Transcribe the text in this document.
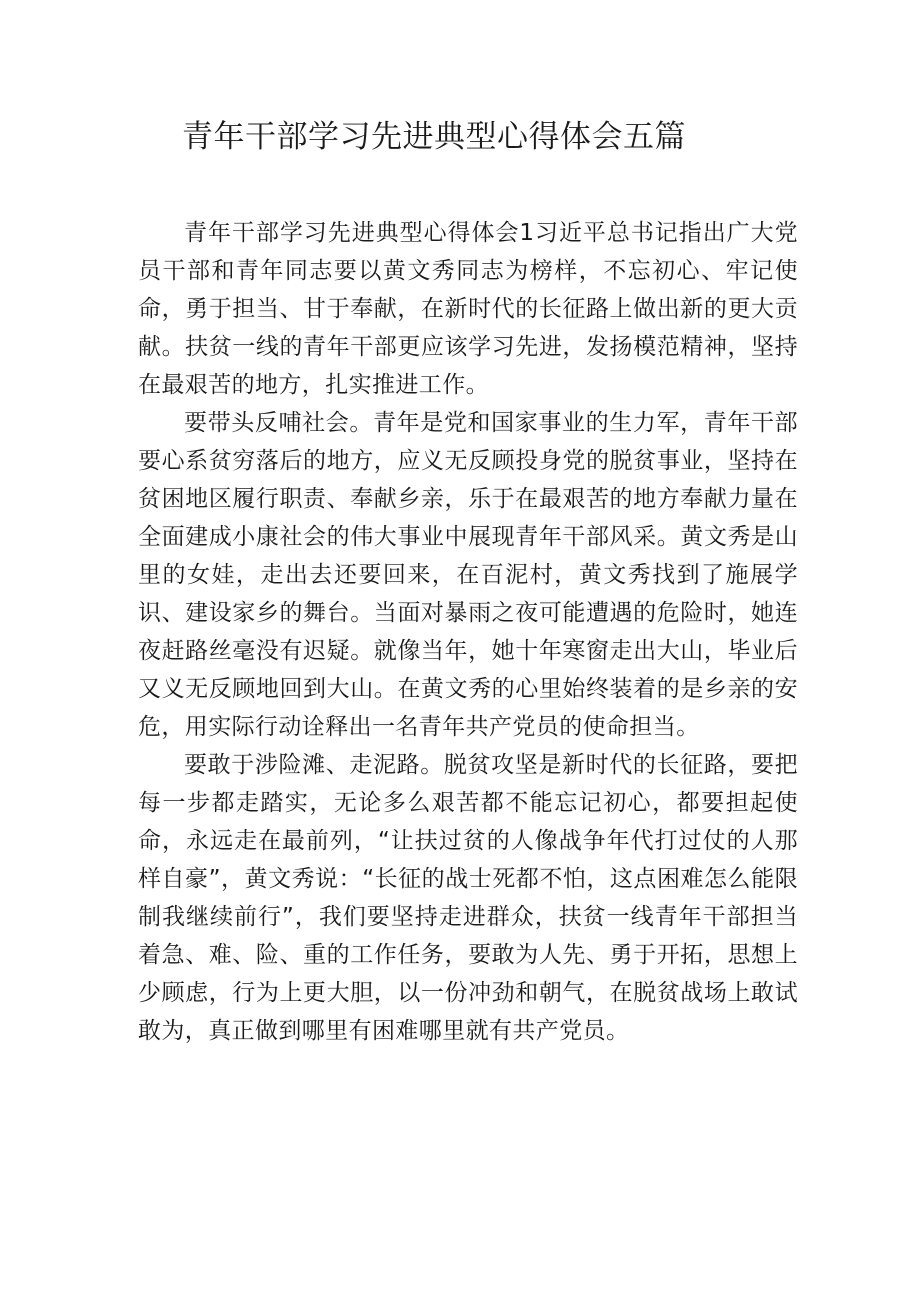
青年干部学习先进典型心得体会五篇

青年干部学习先进典型心得体会1习近平总书记指出广大党员干部和青年同志要以黄文秀同志为榜样，不忘初心、牢记使命，勇于担当、甘于奉献，在新时代的长征路上做出新的更大贡献。扶贫一线的青年干部更应该学习先进，发扬模范精神，坚持在最艰苦的地方，扎实推进工作。

要带头反哺社会。青年是党和国家事业的生力军，青年干部要心系贫穷落后的地方，应义无反顾投身党的脱贫事业，坚持在贫困地区履行职责、奉献乡亲，乐于在最艰苦的地方奉献力量在全面建成小康社会的伟大事业中展现青年干部风采。黄文秀是山里的女娃，走出去还要回来，在百泥村，黄文秀找到了施展学识、建设家乡的舞台。当面对暴雨之夜可能遭遇的危险时，她连夜赶路丝毫没有迟疑。就像当年，她十年寒窗走出大山，毕业后又义无反顾地回到大山。在黄文秀的心里始终装着的是乡亲的安危，用实际行动诠释出一名青年共产党员的使命担当。

要敢于涉险滩、走泥路。脱贫攻坚是新时代的长征路，要把每一步都走踏实，无论多么艰苦都不能忘记初心，都要担起使命，永远走在最前列，“让扶过贫的人像战争年代打过仗的人那样自豪”，黄文秀说：“长征的战士死都不怕，这点困难怎么能限制我继续前行”，我们要坚持走进群众，扶贫一线青年干部担当着急、难、险、重的工作任务，要敢为人先、勇于开拓，思想上少顾虑，行为上更大胆，以一份冲劲和朝气，在脱贫战场上敢试敢为，真正做到哪里有困难哪里就有共产党员。
